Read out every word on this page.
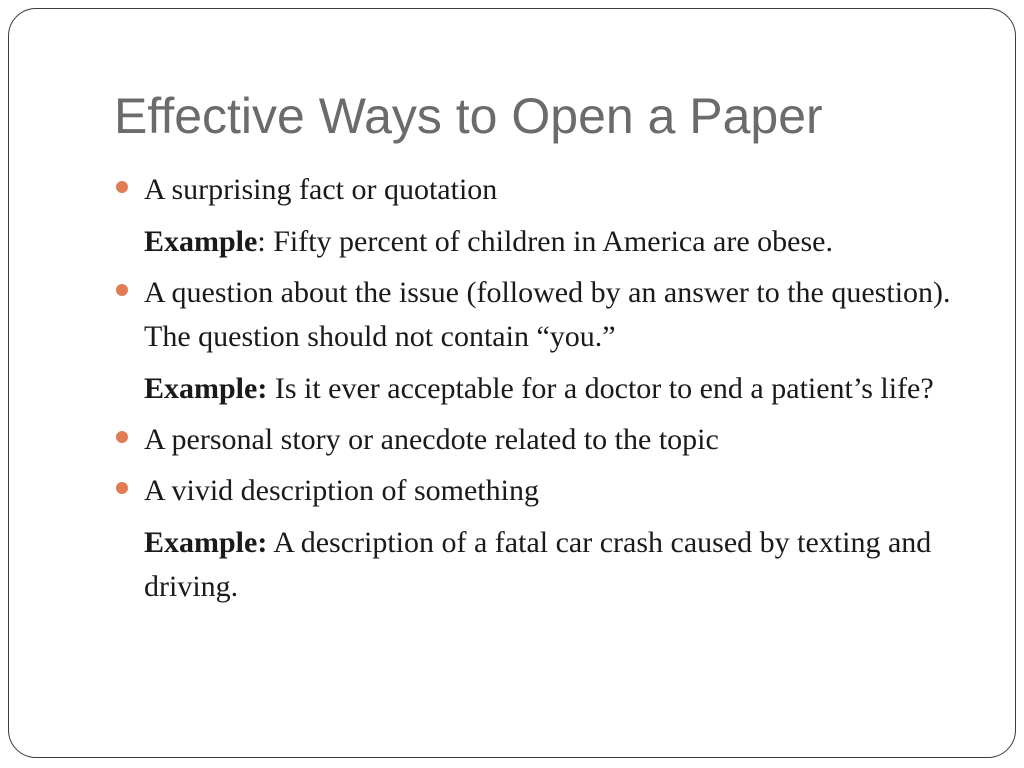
Effective Ways to Open a Paper
A surprising fact or quotation
Example: Fifty percent of children in America are obese.
A question about the issue (followed by an answer to the question). The question should not contain “you.”
Example: Is it ever acceptable for a doctor to end a patient’s life?
A personal story or anecdote related to the topic
A vivid description of something
Example: A description of a fatal car crash caused by texting and driving.
